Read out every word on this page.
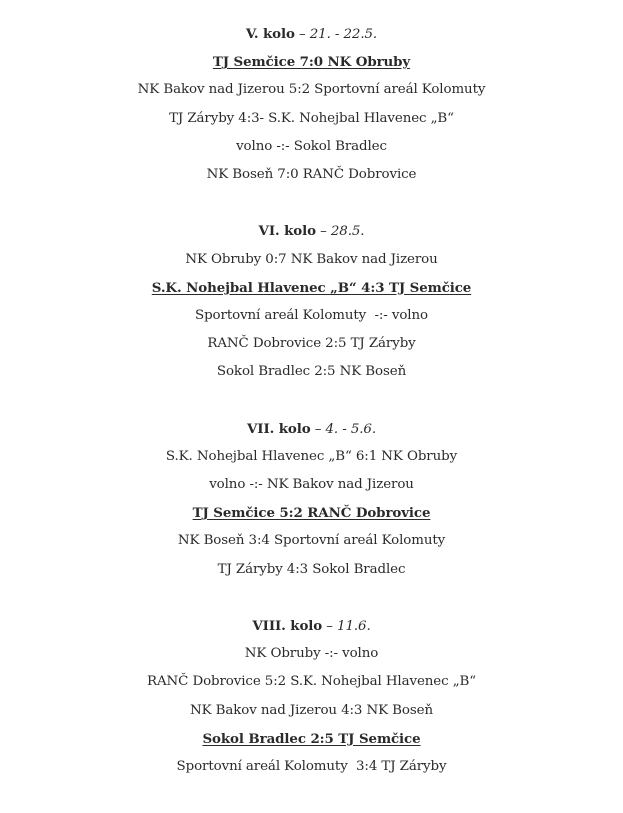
V. kolo – 21. - 22.5.
TJ Semčice 7:0 NK Obruby
NK Bakov nad Jizerou 5:2 Sportovní areál Kolomuty
TJ Záryby 4:3- S.K. Nohejbal Hlavenec „B“
volno -:- Sokol Bradlec
NK Boseň 7:0 RANČ Dobrovice
VI. kolo – 28.5.
NK Obruby 0:7 NK Bakov nad Jizerou
S.K. Nohejbal Hlavenec „B“ 4:3 TJ Semčice
Sportovní areál Kolomuty  -:- volno
RANČ Dobrovice 2:5 TJ Záryby
Sokol Bradlec 2:5 NK Boseň
VII. kolo – 4. - 5.6.
S.K. Nohejbal Hlavenec „B“ 6:1 NK Obruby
volno -:- NK Bakov nad Jizerou
TJ Semčice 5:2 RANČ Dobrovice
NK Boseň 3:4 Sportovní areál Kolomuty
TJ Záryby 4:3 Sokol Bradlec
VIII. kolo – 11.6.
NK Obruby -:- volno
RANČ Dobrovice 5:2 S.K. Nohejbal Hlavenec „B“
NK Bakov nad Jizerou 4:3 NK Boseň
Sokol Bradlec 2:5 TJ Semčice
Sportovní areál Kolomuty  3:4 TJ Záryby
